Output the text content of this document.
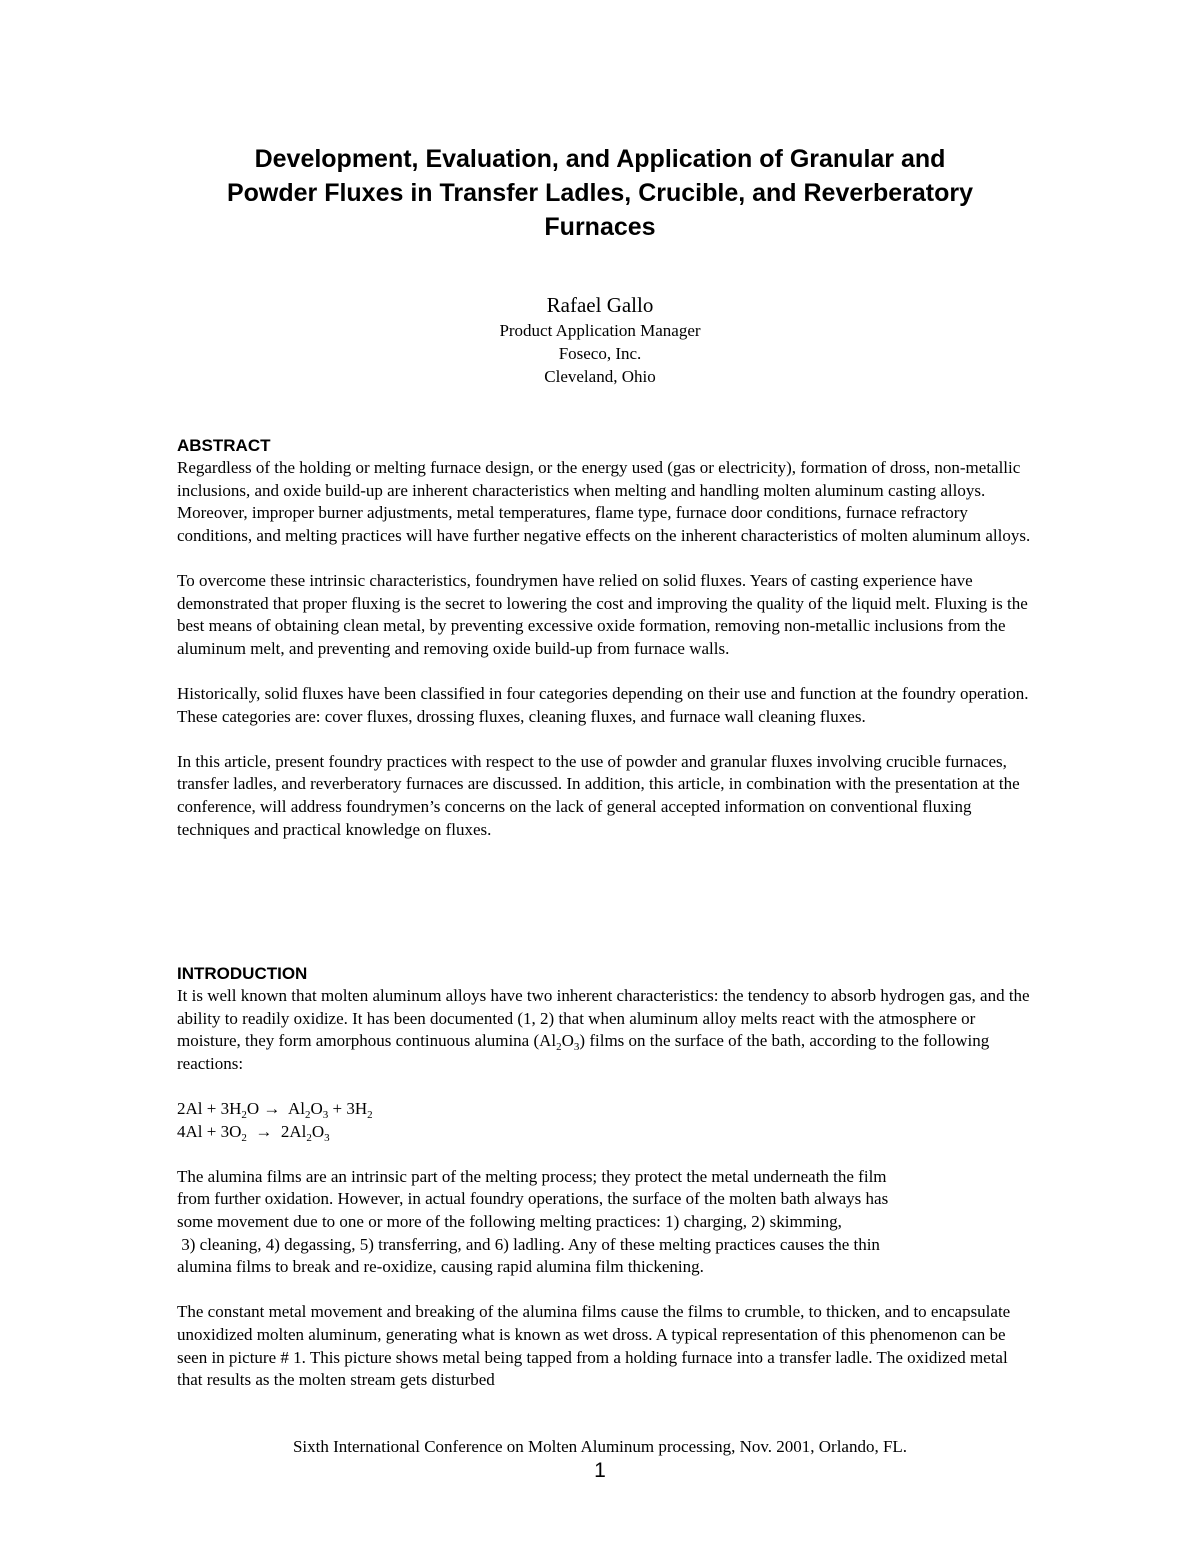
Development, Evaluation, and Application of Granular and
Powder Fluxes in Transfer Ladles, Crucible, and Reverberatory
Furnaces
Rafael Gallo
Product Application Manager
Foseco, Inc.
Cleveland, Ohio
ABSTRACT

Regardless of the holding or melting furnace design, or the energy used (gas or electricity), formation of dross, non-metallic inclusions, and oxide build-up are inherent characteristics when melting and handling molten aluminum casting alloys. Moreover, improper burner adjustments, metal temperatures, flame type, furnace door conditions, furnace refractory conditions, and melting practices will have further negative effects on the inherent characteristics of molten aluminum alloys.

To overcome these intrinsic characteristics, foundrymen have relied on solid fluxes. Years of casting experience have demonstrated that proper fluxing is the secret to lowering the cost and improving the quality of the liquid melt. Fluxing is the best means of obtaining clean metal, by preventing excessive oxide formation, removing non-metallic inclusions from the aluminum melt, and preventing and removing oxide build-up from furnace walls.

Historically, solid fluxes have been classified in four categories depending on their use and function at the foundry operation. These categories are: cover fluxes, drossing fluxes, cleaning fluxes, and furnace wall cleaning fluxes.

In this article, present foundry practices with respect to the use of powder and granular fluxes involving crucible furnaces, transfer ladles, and reverberatory furnaces are discussed. In addition, this article, in combination with the presentation at the conference, will address foundrymen’s concerns on the lack of general accepted information on conventional fluxing techniques and practical knowledge on fluxes.

INTRODUCTION

It is well known that molten aluminum alloys have two inherent characteristics: the tendency to absorb hydrogen gas, and the ability to readily oxidize. It has been documented (1, 2) that when aluminum alloy melts react with the atmosphere or moisture, they form amorphous continuous alumina $(Al_2O_3)$ films on the surface of the bath, according to the following reactions:

$2Al + 3H_2O \to Al_2O_3 + 3H_2$

$4Al + 3O_2 \to 2Al_2O_3$

The alumina films are an intrinsic part of the melting process; they protect the metal underneath the film
from further oxidation. However, in actual foundry operations, the surface of the molten bath always has
some movement due to one or more of the following melting practices: 1) charging, 2) skimming,
3) cleaning, 4) degassing, 5) transferring, and 6) ladling. Any of these melting practices causes the thin
alumina films to break and re-oxidize, causing rapid alumina film thickening.

The constant metal movement and breaking of the alumina films cause the films to crumble, to thicken, and to encapsulate unoxidized molten aluminum, generating what is known as wet dross. A typical representation of this phenomenon can be seen in picture # 1. This picture shows metal being tapped from a holding furnace into a transfer ladle. The oxidized metal that results as the molten stream gets disturbed

Sixth International Conference on Molten Aluminum processing, Nov. 2001, Orlando, FL.
1
